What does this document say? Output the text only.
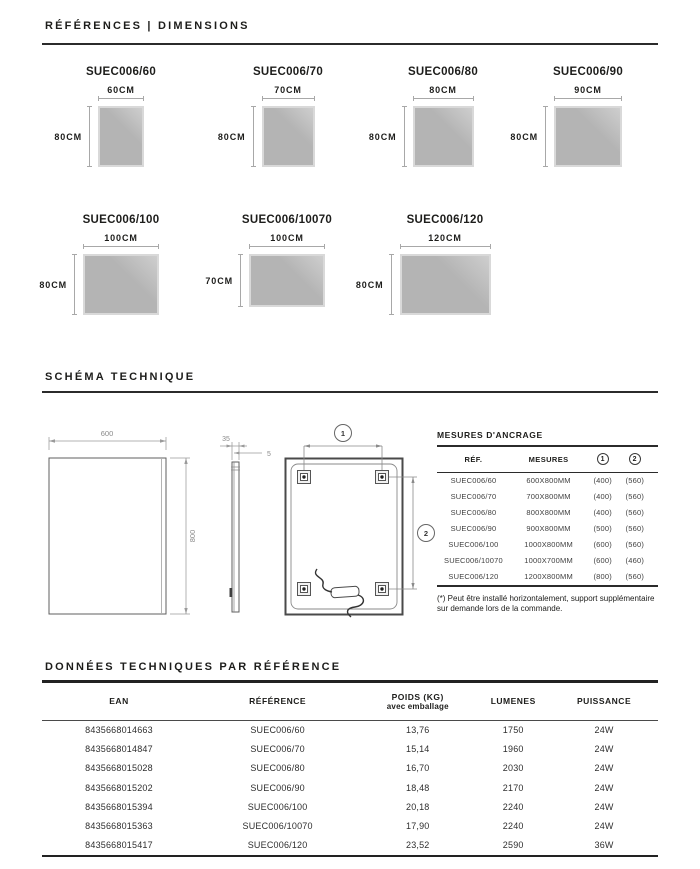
RÉFÉRENCES | DIMENSIONS
SUEC006/60
60CM
80CM
SUEC006/70
70CM
80CM
SUEC006/80
80CM
80CM
SUEC006/90
90CM
80CM
SUEC006/100
100CM
80CM
SUEC006/10070
100CM
70CM
SUEC006/120
120CM
80CM
SCHÉMA TECHNIQUE
600
800
35
5
1
2
MESURES D'ANCRAGE
RÉF.	MESURES	1	2
SUEC006/60	600X800MM	(400)	(560)
SUEC006/70	700X800MM	(400)	(560)
SUEC006/80	800X800MM	(400)	(560)
SUEC006/90	900X800MM	(500)	(560)
SUEC006/100	1000X800MM	(600)	(560)
SUEC006/10070	1000X700MM	(600)	(460)
SUEC006/120	1200X800MM	(800)	(560)
(*) Peut être installé horizontalement, support supplémentaire sur demande lors de la commande.
DONNÉES TECHNIQUES PAR RÉFÉRENCE
EAN	RÉFÉRENCE	POIDS (KG)
avec emballage	LUMENES	PUISSANCE
8435668014663	SUEC006/60	13,76	1750	24W
8435668014847	SUEC006/70	15,14	1960	24W
8435668015028	SUEC006/80	16,70	2030	24W
8435668015202	SUEC006/90	18,48	2170	24W
8435668015394	SUEC006/100	20,18	2240	24W
8435668015363	SUEC006/10070	17,90	2240	24W
8435668015417	SUEC006/120	23,52	2590	36W
